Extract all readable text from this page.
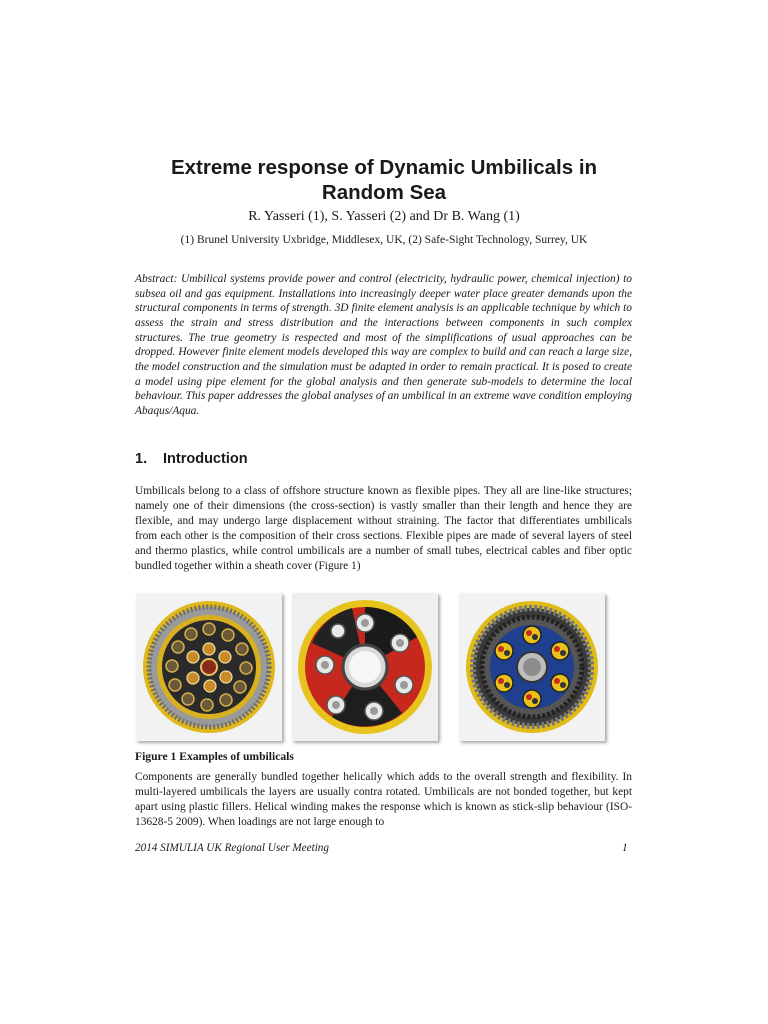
Extreme response of Dynamic Umbilicals in
Random Sea
R. Yasseri (1), S. Yasseri (2) and Dr B. Wang (1)
(1) Brunel University Uxbridge, Middlesex, UK, (2) Safe-Sight Technology, Surrey, UK
Abstract: Umbilical systems provide power and control (electricity, hydraulic power, chemical injection) to subsea oil and gas equipment. Installations into increasingly deeper water place greater demands upon the structural components in terms of strength. 3D finite element analysis is an applicable technique by which to assess the strain and stress distribution and the interactions between components in such complex structures. The true geometry is respected and most of the simplifications of usual approaches can be dropped. However finite element models developed this way are complex to build and can reach a large size, the model construction and the simulation must be adapted in order to remain practical. It is posed to create a model using pipe element for the global analysis and then generate sub-models to determine the local behaviour. This paper addresses the global analyses of an umbilical in an extreme wave condition employing Abaqus/Aqua.
1. Introduction
Umbilicals belong to a class of offshore structure known as flexible pipes. They all are line-like structures; namely one of their dimensions (the cross-section) is vastly smaller than their length and hence they are flexible, and may undergo large displacement without straining. The factor that differentiates umbilicals from each other is the composition of their cross sections. Flexible pipes are made of several layers of steel and thermo plastics, while control umbilicals are a number of small tubes, electrical cables and fiber optic bundled together within a sheath cover (Figure 1)
Figure 1 Examples of umbilicals
Components are generally bundled together helically which adds to the overall strength and flexibility. In multi-layered umbilicals the layers are usually contra rotated. Umbilicals are not bonded together, but kept apart using plastic fillers. Helical winding makes the response which is known as stick-slip behaviour (ISO-13628-5 2009). When loadings are not large enough to
2014 SIMULIA UK Regional User Meeting	1
